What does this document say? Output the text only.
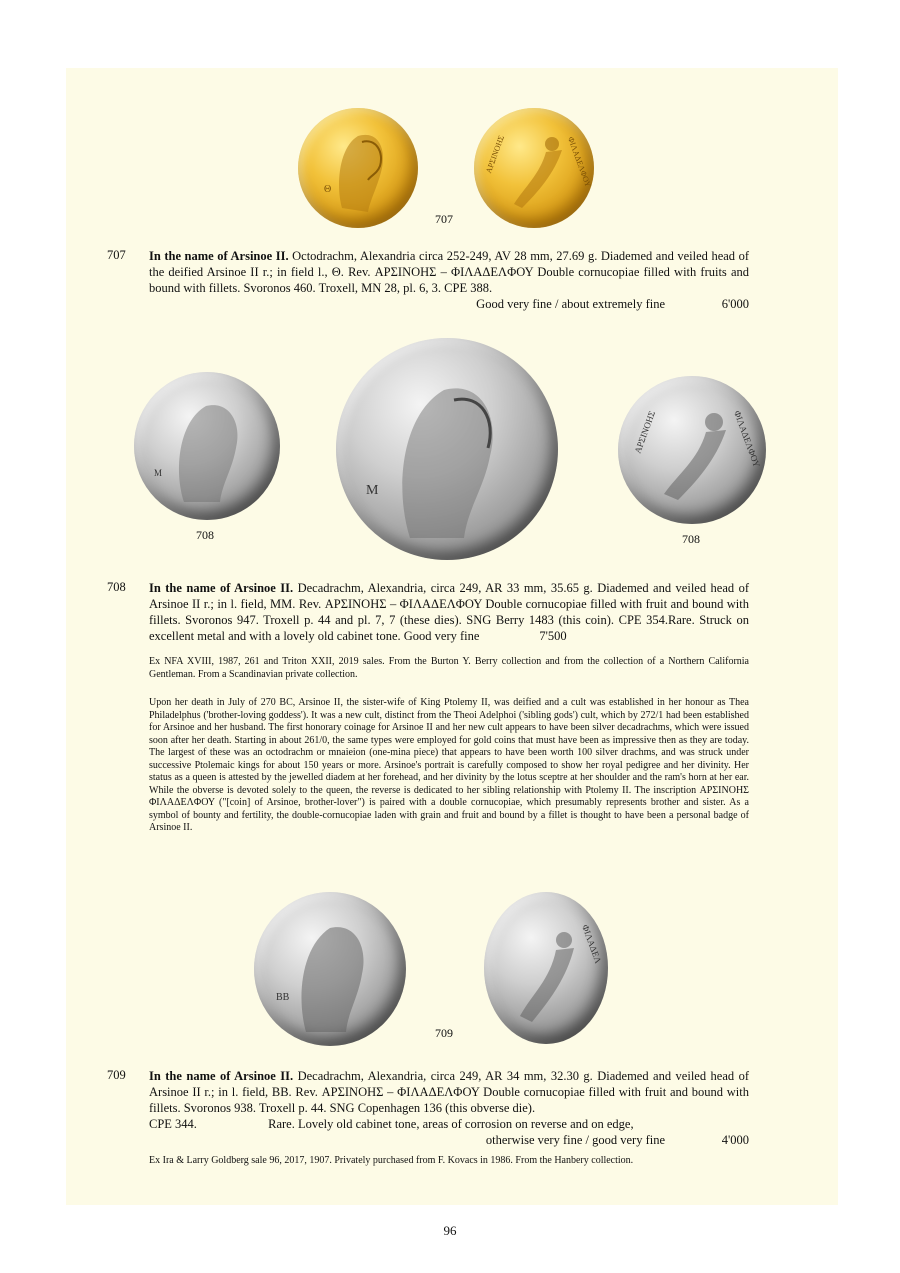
Θ
ΑΡΣΙΝΟΗΣ	ΦΙΛΑΔΕΛΦΟΥ
707
707 In the name of Arsinoe II. Octodrachm, Alexandria circa 252-249, AV 28 mm, 27.69 g. Diademed and veiled head of the deified Arsinoe II r.; in field l., Θ. Rev. ΑΡΣΙΝΟΗΣ – ΦΙΛΑΔΕΛΦΟΥ Double cornucopiae filled with fruits and bound with fillets. Svoronos 460. Troxell, MN 28, pl. 6, 3. CPE 388.
Good very fine / about extremely fine	6'000
M
M
ΑΡΣΙΝΟΗΣ	ΦΙΛΑΔΕΛΦΟΥ
708	708
708 In the name of Arsinoe II. Decadrachm, Alexandria, circa 249, AR 33 mm, 35.65 g. Diademed and veiled head of Arsinoe II r.; in l. field, MM. Rev. ΑΡΣΙΝΟΗΣ – ΦΙΛΑΔΕΛΦΟΥ Double cornucopiae filled with fruit and bound with fillets. Svoronos 947. Troxell p. 44 and pl. 7, 7 (these dies). SNG Berry 1483 (this coin). CPE 354.Rare. Struck on excellent metal and with a lovely old cabinet tone. Good very fine	7'500
Ex NFA XVIII, 1987, 261 and Triton XXII, 2019 sales. From the Burton Y. Berry collection and from the collection of a Northern California Gentleman. From a Scandinavian private collection.
Upon her death in July of 270 BC, Arsinoe II, the sister-wife of King Ptolemy II, was deified and a cult was established in her honour as Thea Philadelphus ('brother-loving goddess'). It was a new cult, distinct from the Theoi Adelphoi ('sibling gods') cult, which by 272/1 had been established for Arsinoe and her husband. The first honorary coinage for Arsinoe II and her new cult appears to have been silver decadrachms, which were issued soon after her death. Starting in about 261/0, the same types were employed for gold coins that must have been as impressive then as they are today. The largest of these was an octodrachm or mnaieion (one-mina piece) that appears to have been worth 100 silver drachms, and was struck under successive Ptolemaic kings for about 150 years or more. Arsinoe's portrait is carefully composed to show her royal pedigree and her divinity. Her status as a queen is attested by the jewelled diadem at her forehead, and her divinity by the lotus sceptre at her shoulder and the ram's horn at her ear. While the obverse is devoted solely to the queen, the reverse is dedicated to her sibling relationship with Ptolemy II. The inscription ΑΡΣΙΝΟΗΣ ΦΙΛΑΔΕΛΦΟΥ ("[coin] of Arsinoe, brother-lover") is paired with a double cornucopiae, which presumably represents brother and sister. As a symbol of bounty and fertility, the double-cornucopiae laden with grain and fruit and bound by a fillet is thought to have been a personal badge of Arsinoe II.
BB
ΦΙΛΑΔΕΛ
709
709 In the name of Arsinoe II. Decadrachm, Alexandria, circa 249, AR 34 mm, 32.30 g. Diademed and veiled head of Arsinoe II r.; in l. field, BB. Rev. ΑΡΣΙΝΟΗΣ – ΦΙΛΑΔΕΛΦΟΥ Double cornucopiae filled with fruit and bound with fillets. Svoronos 938. Troxell p. 44. SNG Copenhagen 136 (this obverse die).
CPE 344.	Rare. Lovely old cabinet tone, areas of corrosion on reverse and on edge,
otherwise very fine / good very fine	4'000
Ex Ira & Larry Goldberg sale 96, 2017, 1907. Privately purchased from F. Kovacs in 1986. From the Hanbery collection.
96
